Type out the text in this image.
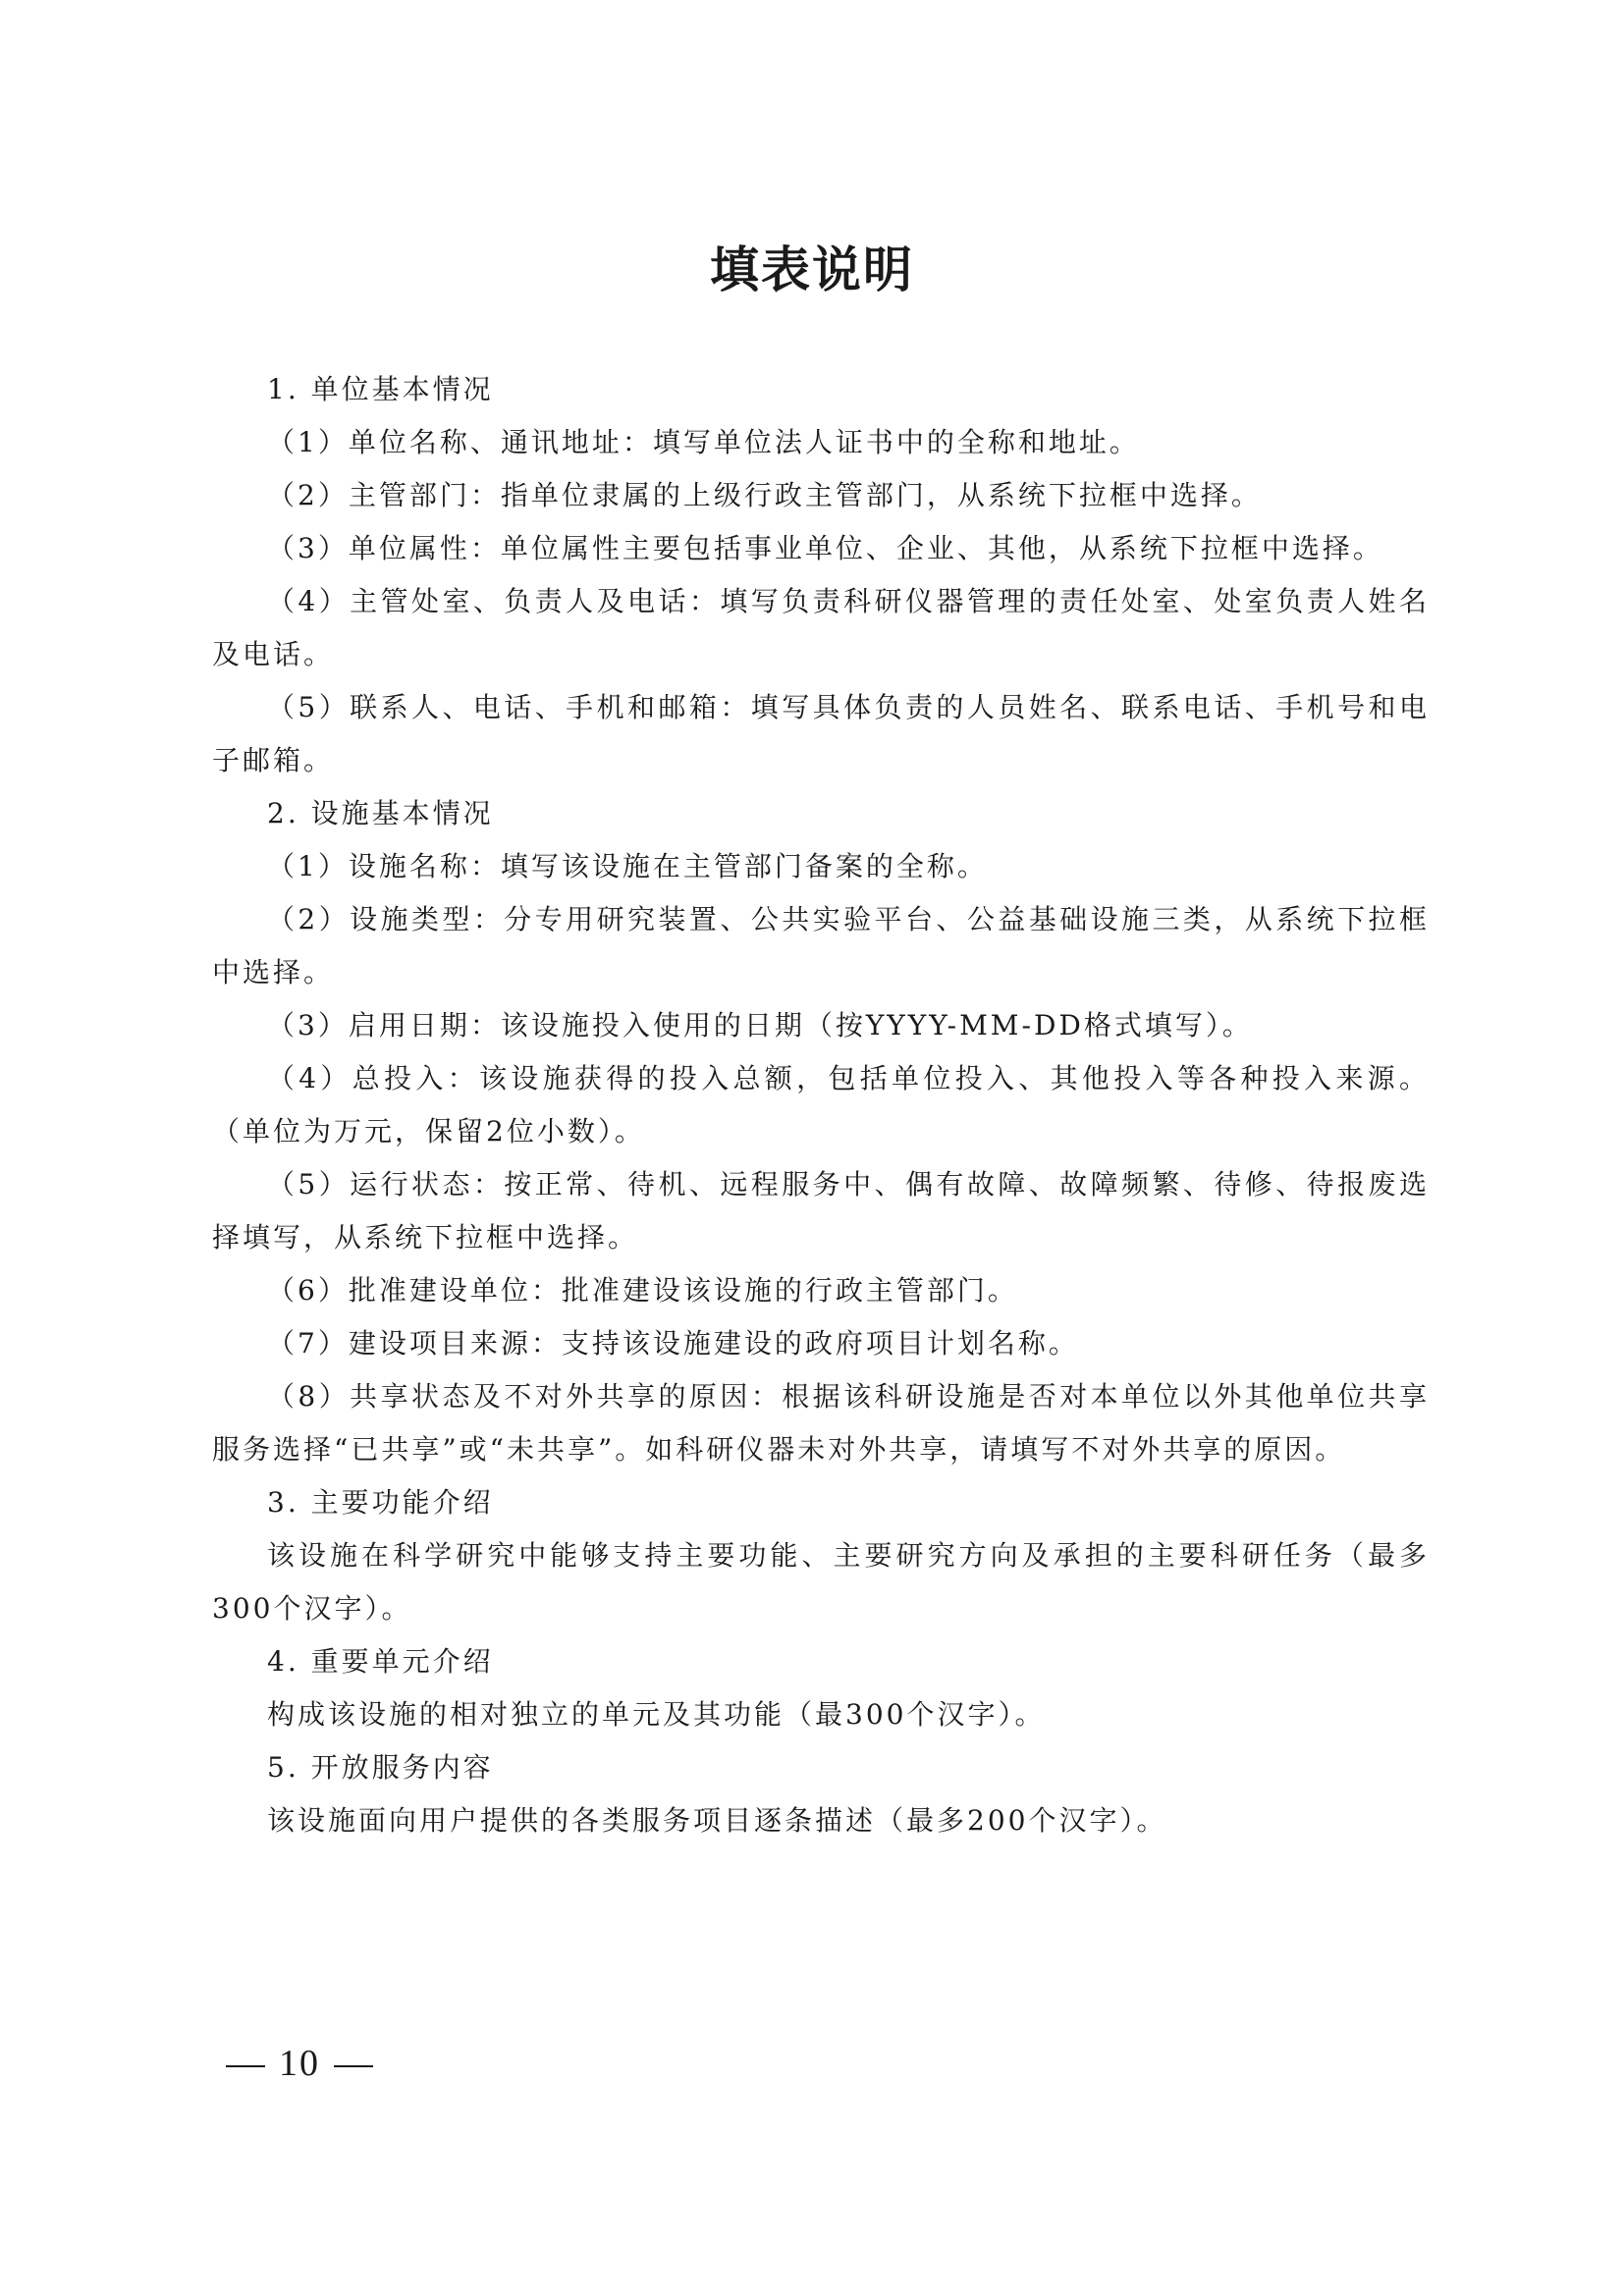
填表说明

1. 单位基本情况

（1）单位名称、通讯地址：填写单位法人证书中的全称和地址。

（2）主管部门：指单位隶属的上级行政主管部门，从系统下拉框中选择。

（3）单位属性：单位属性主要包括事业单位、企业、其他，从系统下拉框中选择。

（4）主管处室、负责人及电话：填写负责科研仪器管理的责任处室、处室负责人姓名及电话。

（5）联系人、电话、手机和邮箱：填写具体负责的人员姓名、联系电话、手机号和电子邮箱。

2. 设施基本情况

（1）设施名称：填写该设施在主管部门备案的全称。

（2）设施类型：分专用研究装置、公共实验平台、公益基础设施三类，从系统下拉框中选择。

（3）启用日期：该设施投入使用的日期（按YYYY-MM-DD格式填写）。

（4）总投入：该设施获得的投入总额，包括单位投入、其他投入等各种投入来源。（单位为万元，保留2位小数）。

（5）运行状态：按正常、待机、远程服务中、偶有故障、故障频繁、待修、待报废选择填写，从系统下拉框中选择。

（6）批准建设单位：批准建设该设施的行政主管部门。

（7）建设项目来源：支持该设施建设的政府项目计划名称。

（8）共享状态及不对外共享的原因：根据该科研设施是否对本单位以外其他单位共享服务选择“已共享”或“未共享”。如科研仪器未对外共享，请填写不对外共享的原因。

3. 主要功能介绍

该设施在科学研究中能够支持主要功能、主要研究方向及承担的主要科研任务（最多300个汉字）。

4. 重要单元介绍

构成该设施的相对独立的单元及其功能（最300个汉字）。

5. 开放服务内容

该设施面向用户提供的各类服务项目逐条描述（最多200个汉字）。

10
